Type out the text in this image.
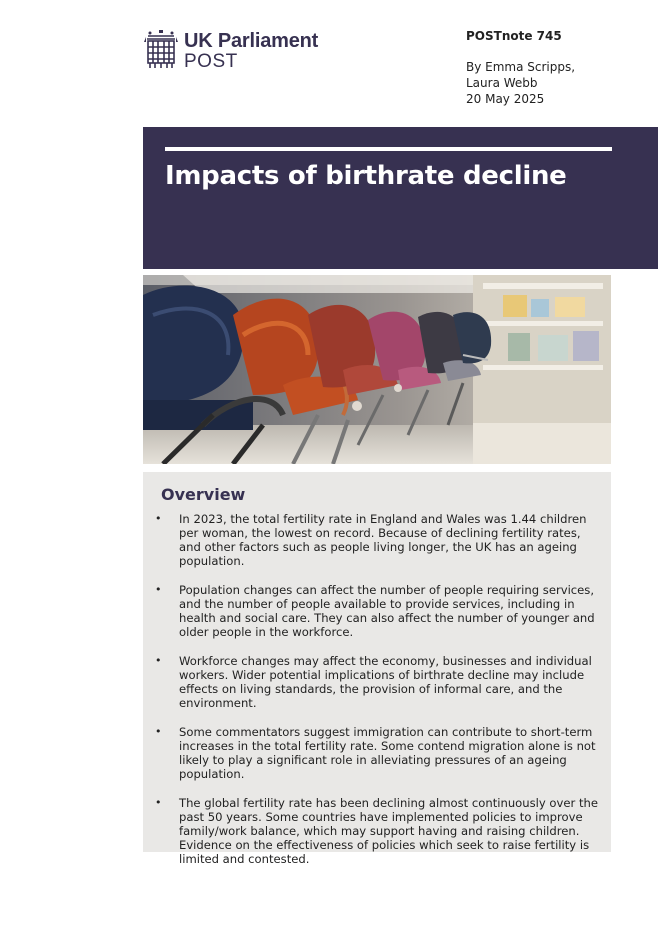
UK Parliament
POST
POSTnote 745
By Emma Scripps,
Laura Webb
20 May 2025
Impacts of birthrate decline
Overview
• In 2023, the total fertility rate in England and Wales was 1.44 children per woman, the lowest on record. Because of declining fertility rates, and other factors such as people living longer, the UK has an ageing population.
• Population changes can affect the number of people requiring services, and the number of people available to provide services, including in health and social care. They can also affect the number of younger and older people in the workforce.
• Workforce changes may affect the economy, businesses and individual workers. Wider potential implications of birthrate decline may include effects on living standards, the provision of informal care, and the environment.
• Some commentators suggest immigration can contribute to short-term increases in the total fertility rate. Some contend migration alone is not likely to play a significant role in alleviating pressures of an ageing population.
• The global fertility rate has been declining almost continuously over the past 50 years. Some countries have implemented policies to improve family/work balance, which may support having and raising children. Evidence on the effectiveness of policies which seek to raise fertility is limited and contested.
